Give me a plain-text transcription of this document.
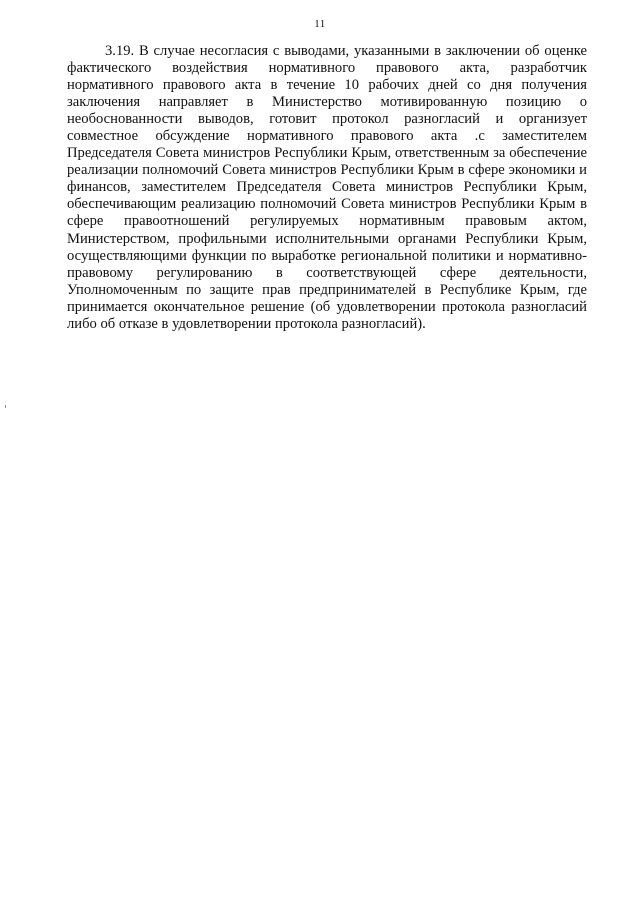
11

3.19. В случае несогласия с выводами, указанными в заключении об оценке фактического воздействия нормативного правового акта, разработчик нормативного правового акта в течение 10 рабочих дней со дня получения заключения направляет в Министерство мотивированную позицию о необоснованности выводов, готовит протокол разногласий и организует совместное обсуждение нормативного правового акта .с заместителем Председателя Совета министров Республики Крым, ответственным за обеспечение реализации полномочий Совета министров Республики Крым в сфере экономики и финансов, заместителем Председателя Совета министров Республики Крым, обеспечивающим реализацию полномочий Совета министров Республики Крым в сфере правоотношений регулируемых нормативным правовым актом, Министерством, профильными исполнительными органами Республики Крым, осуществляющими функции по выработке региональной политики и нормативно-правовому регулированию в соответствующей сфере деятельности, Уполномоченным по защите прав предпринимателей в Республике Крым, где принимается окончательное решение (об удовлетворении протокола разногласий либо об отказе в удовлетворении протокола разногласий).
